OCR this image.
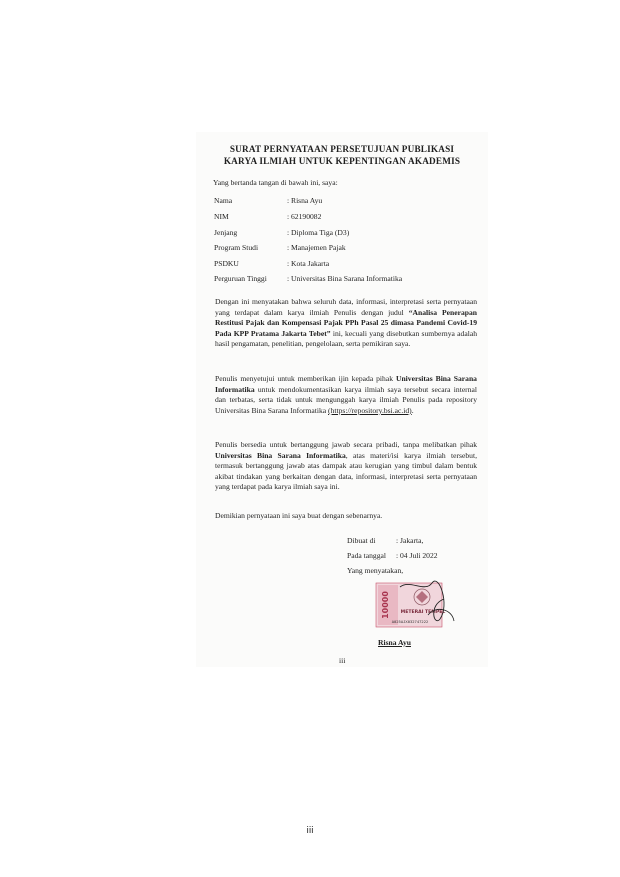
SURAT PERNYATAAN PERSETUJUAN PUBLIKASI
KARYA ILMIAH UNTUK KEPENTINGAN AKADEMIS
Yang bertanda tangan di bawah ini, saya:
Nama	: Risna Ayu
NIM	: 62190082
Jenjang	: Diploma Tiga (D3)
Program Studi	: Manajemen Pajak
PSDKU	: Kota Jakarta
Perguruan Tinggi	: Universitas Bina Sarana Informatika
Dengan ini menyatakan bahwa seluruh data, informasi, interpretasi serta pernyataan yang terdapat dalam karya ilmiah Penulis dengan judul “Analisa Penerapan Restitusi Pajak dan Kompensasi Pajak PPh Pasal 25 dimasa Pandemi Covid-19 Pada KPP Pratama Jakarta Tebet” ini, kecuali yang disebutkan sumbernya adalah hasil pengamatan, penelitian, pengelolaan, serta pemikiran saya.
Penulis menyetujui untuk memberikan ijin kepada pihak Universitas Bina Sarana Informatika untuk mendokumentasikan karya ilmiah saya tersebut secara internal dan terbatas, serta tidak untuk mengunggah karya ilmiah Penulis pada repository Universitas Bina Sarana Informatika (https://repository.bsi.ac.id).
Penulis bersedia untuk bertanggung jawab secara pribadi, tanpa melibatkan pihak Universitas Bina Sarana Informatika, atas materi/isi karya ilmiah tersebut, termasuk bertanggung jawab atas dampak atau kerugian yang timbul dalam bentuk akibat tindakan yang berkaitan dengan data, informasi, interpretasi serta pernyataan yang terdapat pada karya ilmiah saya ini.
Demikian pernyataan ini saya buat dengan sebenarnya.
Dibuat di	: Jakarta,
Pada tanggal : 04 Juli 2022
Yang menyatakan,
10000 METERAI TEMPEL
A025AJX032747222
Risna Ayu
iii
iii
